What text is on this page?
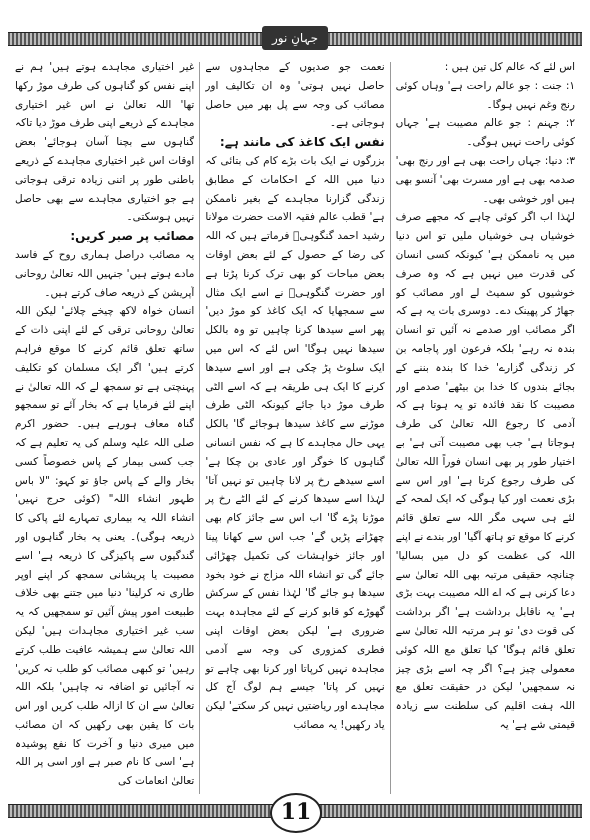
جہانِ نور

اس لئے کہ عالم کل تین ہیں :

۱: جنت : جو عالم راحت ہے' وہاں کوئی رنج وغم نہیں ہوگا۔

۲: جہنم : جو عالم مصیبت ہے' جہاں کوئی راحت نہیں ہوگی۔

۳: دنیا: جہاں راحت بھی ہے اور رنج بھی' صدمہ بھی ہے اور مسرت بھی' آنسو بھی ہیں اور خوشی بھی۔

لہٰذا اب اگر کوئی چاہے کہ مجھے صرف خوشیاں ہی خوشیاں ملیں تو اس دنیا میں یہ ناممکن ہے' کیونکہ کسی انسان کی قدرت میں نہیں ہے کہ وہ صرف خوشیوں کو سمیٹ لے اور مصائب کو جھاڑ کر پھینک دے۔ دوسری بات یہ ہے کہ اگر مصائب اور صدمے نہ آئیں تو انسان بندہ نہ رہے' بلکہ فرعون اور پاجامہ بن کر زندگی گزارے' خدا کا بندہ بننے کے بجائے بندوں کا خدا بن بیٹھے' صدمے اور مصیبت کا نقد فائدہ تو یہ ہوتا ہے کہ آدمی کا رجوع اللہ تعالیٰ کی طرف ہوجاتا ہے' جب بھی مصیبت آتی ہے' بے اختیار طور پر بھی انسان فوراً اللہ تعالیٰ کی طرف رجوع کرتا ہے' اور اس سے بڑی نعمت اور کیا ہوگی کہ ایک لمحہ کے لئے ہی سہی مگر اللہ سے تعلق قائم کرنے کا موقع تو ہاتھ آگیا' اور بندے نے اپنے اللہ کی عظمت کو دل میں بسالیا' چنانچہ حقیقی مرتبہ بھی اللہ تعالیٰ سے دعا کرنی ہے کہ اے اللہ مصیبت بہت بڑی ہے' یہ ناقابل برداشت ہے' اگر برداشت کی قوت دی' تو ہر مرتبہ اللہ تعالیٰ سے تعلق قائم ہوگا' کیا تعلق مع اللہ کوئی معمولی چیز ہے؟ اگر چہ اسے بڑی چیز نہ سمجھیں' لیکن در حقیقت تعلق مع اللہ ہفت اقلیم کی سلطنت سے زیادہ قیمتی شے ہے' یہ

نعمت جو صدیوں کے مجاہدوں سے حاصل نہیں ہوتی' وہ ان تکالیف اور مصائب کی وجہ سے پل بھر میں حاصل ہوجاتی ہے۔

نفس ایک کاغذ کی مانند ہے:

بزرگوں نے ایک بات بڑے کام کی بتائی کہ دنیا میں اللہ کے احکامات کے مطابق زندگی گزارنا مجاہدے کے بغیر ناممکن ہے' قطب عالم فقیہ الامت حضرت مولانا رشید احمد گنگوہیؒ فرماتے ہیں کہ اللہ کی رضا کے حصول کے لئے بعض اوقات بعض مباحات کو بھی ترک کرنا پڑتا ہے اور حضرت گنگوہیؒ نے اسے ایک مثال سے سمجھایا کہ ایک کاغذ کو موڑ دیں' پھر اسے سیدھا کرنا چاہیں تو وہ بالکل سیدھا نہیں ہوگا' اس لئے کہ اس میں ایک سلوٹ پڑ چکی ہے اور اسے سیدھا کرنے کا ایک ہی طریقہ ہے کہ اسے الٹی طرف موڑ دیا جائے کیونکہ الٹی طرف موڑنے سے کاغذ سیدھا ہوجائے گا' بالکل یہی حال مجاہدے کا ہے کہ نفس انسانی گناہوں کا خوگر اور عادی بن چکا ہے' اسے سیدھے رخ پر لانا چاہیں تو نہیں آتا' لہٰذا اسے سیدھا کرنے کے لئے الٹے رخ پر موڑنا پڑے گا' اب اس سے جائز کام بھی چھڑانے پڑیں گے' جب اس سے کھانا پینا اور جائز خواہشات کی تکمیل چھڑائی جائے گی تو انشاء اللہ مزاج نے خود بخود سیدھا ہو جائے گا' لہٰذا نفس کے سرکش گھوڑے کو قابو کرنے کے لئے مجاہدہ بہت ضروری ہے' لیکن بعض اوقات اپنی فطری کمزوری کی وجہ سے آدمی مجاہدہ نہیں کرپاتا اور کرنا بھی چاہے تو نہیں کر پاتا' جیسے ہم لوگ آج کل مجاہدے اور ریاضتیں نہیں کر سکتے' لیکن یاد رکھیں! یہ مصائب

غیر اختیاری مجاہدے ہوتے ہیں' ہم نے اپنے نفس کو گناہوں کی طرف موڑ رکھا تھا' اللہ تعالیٰ نے اس غیر اختیاری مجاہدے کے ذریعے اپنی طرف موڑ دیا تاکہ گناہوں سے بچنا آسان ہوجائے' بعض اوقات اس غیر اختیاری مجاہدے کے ذریعے باطنی طور پر اتنی زیادہ ترقی ہوجاتی ہے جو اختیاری مجاہدے سے بھی حاصل نہیں ہوسکتی۔

مصائب پر صبر کریں:

یہ مصائب دراصل ہماری روح کے فاسد مادے ہوتے ہیں' جنہیں اللہ تعالیٰ روحانی آپریشن کے ذریعہ صاف کرتے ہیں۔

انسان خواہ لاکھ چیخے چلائے' لیکن اللہ تعالیٰ روحانی ترقی کے لئے اپنی ذات کے ساتھ تعلق قائم کرنے کا موقع فراہم کرتے ہیں' اگر ایک مسلمان کو تکلیف پہنچتی ہے تو سمجھ لے کہ اللہ تعالیٰ نے اپنے لئے فرمایا ہے کہ بخار آئے تو سمجھو گناہ معاف ہورہے ہیں۔ حضور اکرم صلی اللہ علیہ وسلم کی یہ تعلیم ہے کہ جب کسی بیمار کے پاس خصوصاً کسی بخار والے کے پاس جاؤ تو کہو: "لا باس طہور انشاء اللہ" (کوئی حرج نہیں' انشاء اللہ یہ بیماری تمہارے لئے پاکی کا ذریعہ ہوگی)۔ یعنی یہ بخار گناہوں اور گندگیوں سے پاکیزگی کا ذریعہ ہے' اسے مصیبت یا پریشانی سمجھ کر اپنے اوپر طاری نہ کرلینا' دنیا میں جتنے بھی خلاف طبیعت امور پیش آئیں تو سمجھیں کہ یہ سب غیر اختیاری مجاہدات ہیں' لیکن اللہ تعالیٰ سے ہمیشہ عافیت طلب کرتے رہیں' تو کبھی مصائب کو طلب نہ کریں' نہ آجائیں تو اضافہ نہ چاہیں' بلکہ اللہ تعالیٰ سے ان کا ازالہ طلب کریں اور اس بات کا یقین بھی رکھیں کہ ان مصائب میں میری دنیا و آخرت کا نفع پوشیدہ ہے' اسی کا نام صبر ہے اور اسی پر اللہ تعالیٰ انعامات کی

11
